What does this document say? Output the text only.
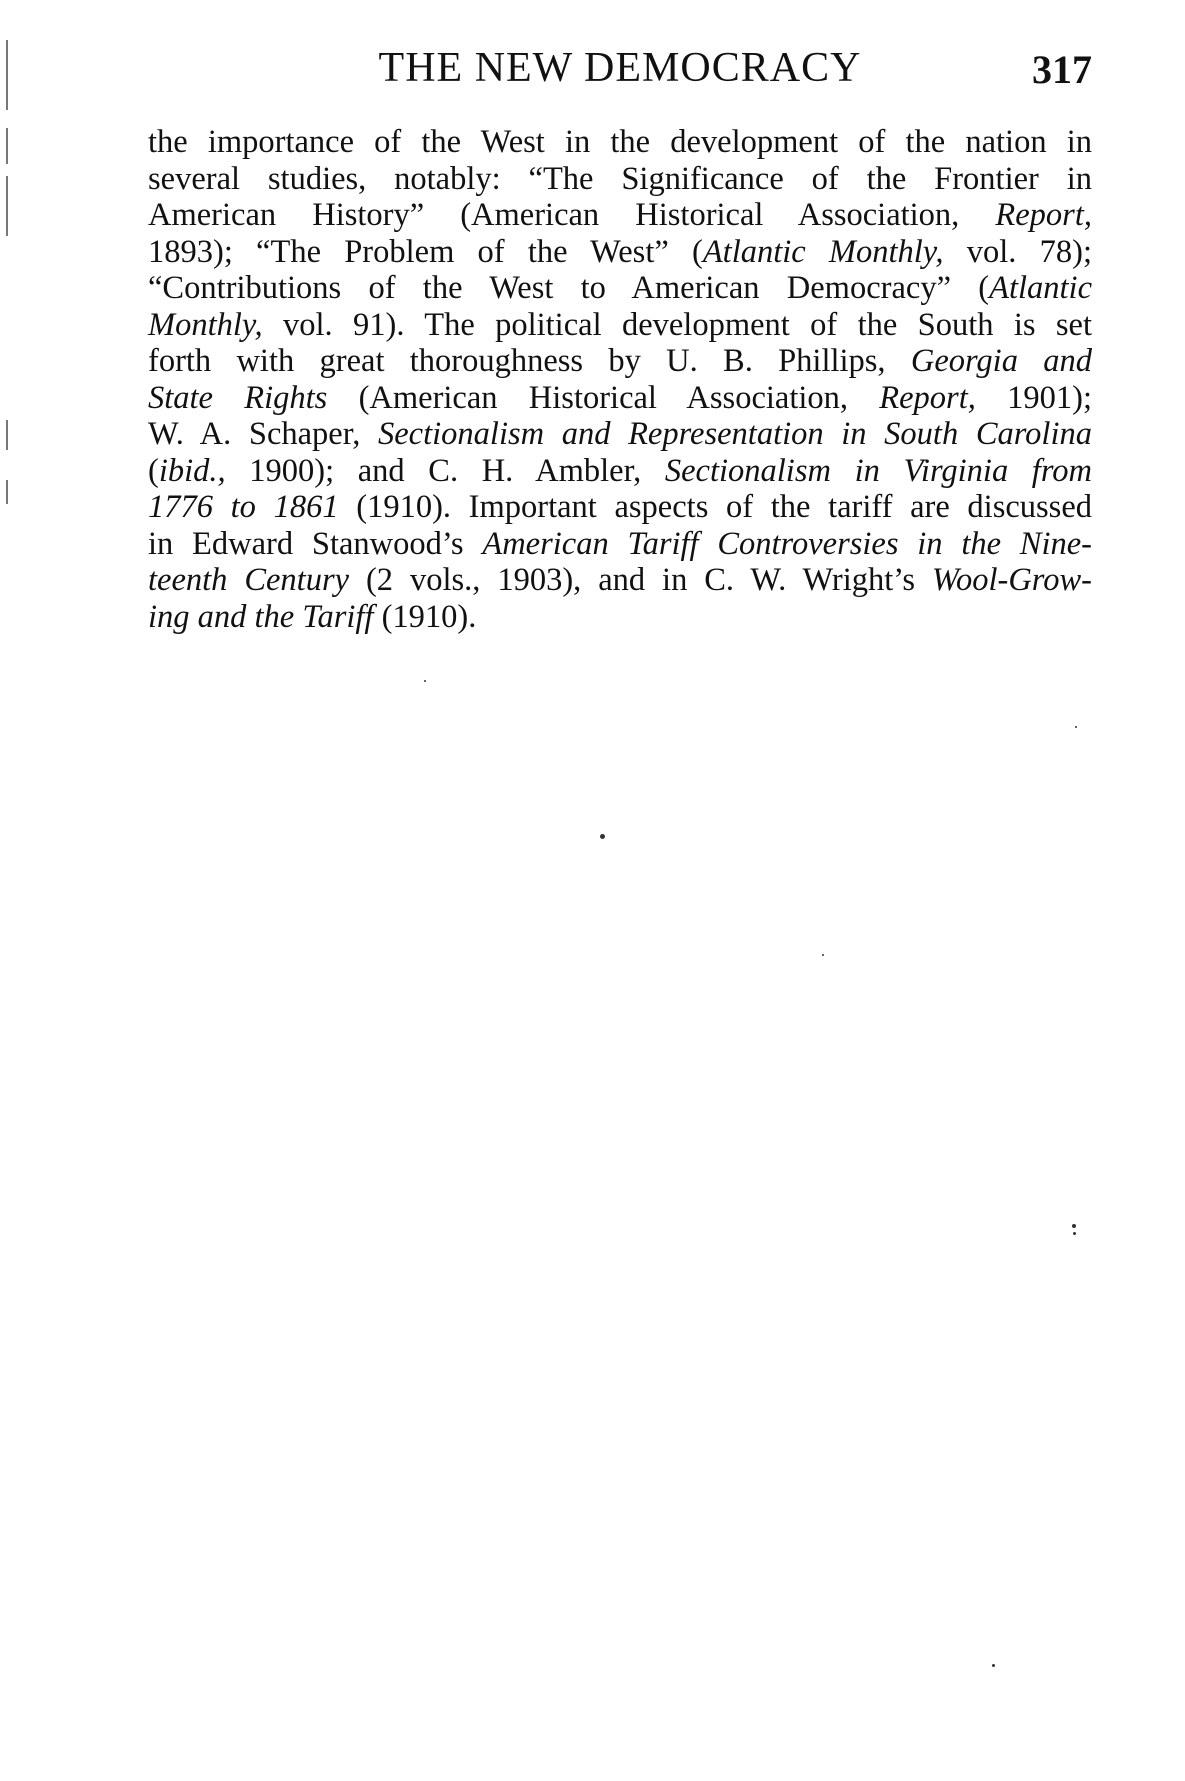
THE NEW DEMOCRACY	317
the importance of the West in the development of the nation in
several studies, notably: “The Significance of the Frontier in
American History” (American Historical Association, Report,
1893); “The Problem of the West” (Atlantic Monthly, vol. 78);
“Contributions of the West to American Democracy” (Atlantic
Monthly, vol. 91). The political development of the South is set
forth with great thoroughness by U. B. Phillips, Georgia and
State Rights (American Historical Association, Report, 1901);
W. A. Schaper, Sectionalism and Representation in South Carolina
(ibid., 1900); and C. H. Ambler, Sectionalism in Virginia from
1776 to 1861 (1910). Important aspects of the tariff are discussed
in Edward Stanwood’s American Tariff Controversies in the Nine-
teenth Century (2 vols., 1903), and in C. W. Wright’s Wool-Grow-
ing and the Tariff (1910).
